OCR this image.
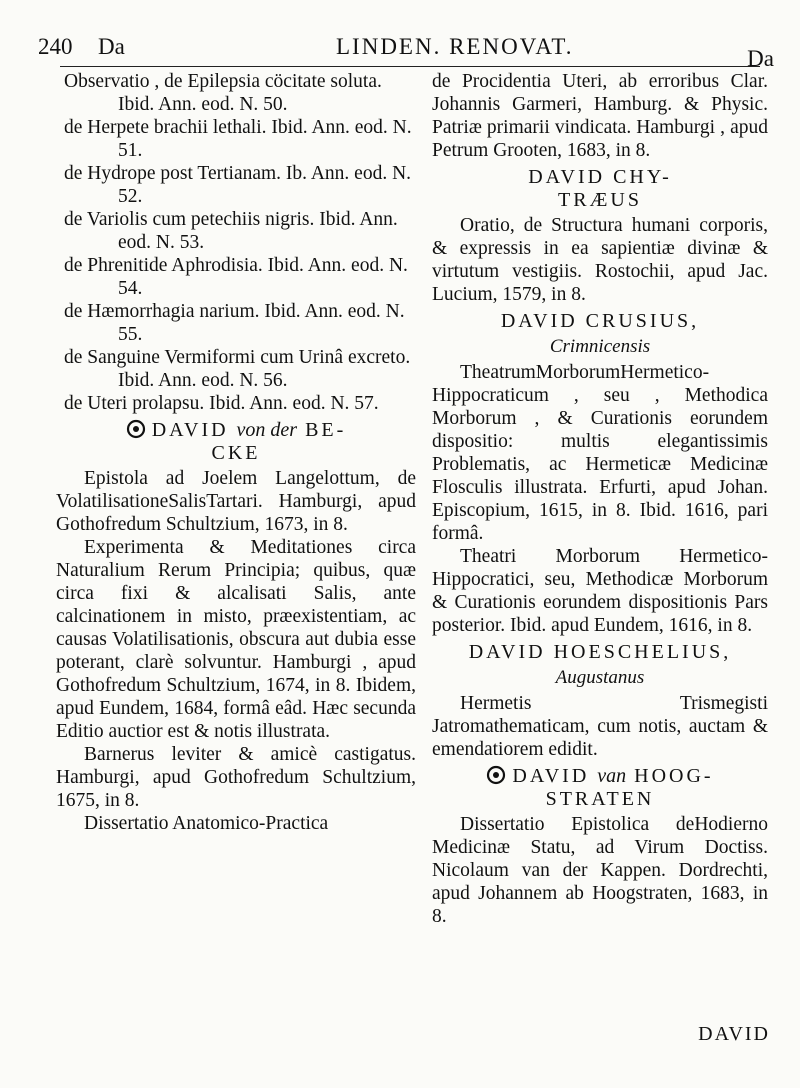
240 Da	LINDEN. RENOVAT.	Da

Observatio , de Epilepsia cöcitate soluta. Ibid. Ann. eod. N. 50.

de Herpete brachii lethali. Ibid. Ann. eod. N. 51.

de Hydrope post Tertianam. Ib. Ann. eod. N. 52.

de Variolis cum petechiis nigris. Ibid. Ann. eod. N. 53.

de Phrenitide Aphrodisia. Ibid. Ann. eod. N. 54.

de Hæmorrhagia narium. Ibid. Ann. eod. N. 55.

de Sanguine Vermiformi cum Urinâ excreto. Ibid. Ann. eod. N. 56.

de Uteri prolapsu. Ibid. Ann. eod. N. 57.

DAVID von der BE-
CKE

Epistola ad Joelem Langelottum, de VolatilisationeSalisTartari. Hamburgi, apud Gothofredum Schultzium, 1673, in 8.

Experimenta & Meditationes circa Naturalium Rerum Principia; quibus, quæ circa fixi & alcalisati Salis, ante calcinationem in misto, præexistentiam, ac causas Volatilisationis, obscura aut dubia esse poterant, clarè solvuntur. Hamburgi , apud Gothofredum Schultzium, 1674, in 8. Ibidem, apud Eundem, 1684, formâ eâd. Hæc secunda Editio auctior est & notis illustrata.

Barnerus leviter & amicè castigatus. Hamburgi, apud Gothofredum Schultzium, 1675, in 8.

Dissertatio Anatomico-Practica

de Procidentia Uteri, ab erroribus Clar. Johannis Garmeri, Hamburg. & Physic. Patriæ primarii vindicata. Hamburgi , apud Petrum Grooten, 1683, in 8.

DAVID CHY-
TRÆUS

Oratio, de Structura humani corporis, & expressis in ea sapientiæ divinæ & virtutum vestigiis. Rostochii, apud Jac. Lucium, 1579, in 8.

DAVID CRUSIUS,
Crimnicensis

TheatrumMorborumHermetico-Hippocraticum , seu , Methodica Morborum , & Curationis eorundem dispositio: multis elegantissimis Problematis, ac Hermeticæ Medicinæ Flosculis illustrata. Erfurti, apud Johan. Episcopium, 1615, in 8. Ibid. 1616, pari formâ.

Theatri Morborum Hermetico-Hippocratici, seu, Methodicæ Morborum & Curationis eorundem dispositionis Pars posterior. Ibid. apud Eundem, 1616, in 8.

DAVID HOESCHELIUS,
Augustanus

Hermetis Trismegisti Jatromathematicam, cum notis, auctam & emendatiorem edidit.

DAVID van HOOG-
STRATEN

Dissertatio Epistolica deHodierno Medicinæ Statu, ad Virum Doctiss. Nicolaum van der Kappen. Dordrechti, apud Johannem ab Hoogstraten, 1683, in 8.

DAVID
